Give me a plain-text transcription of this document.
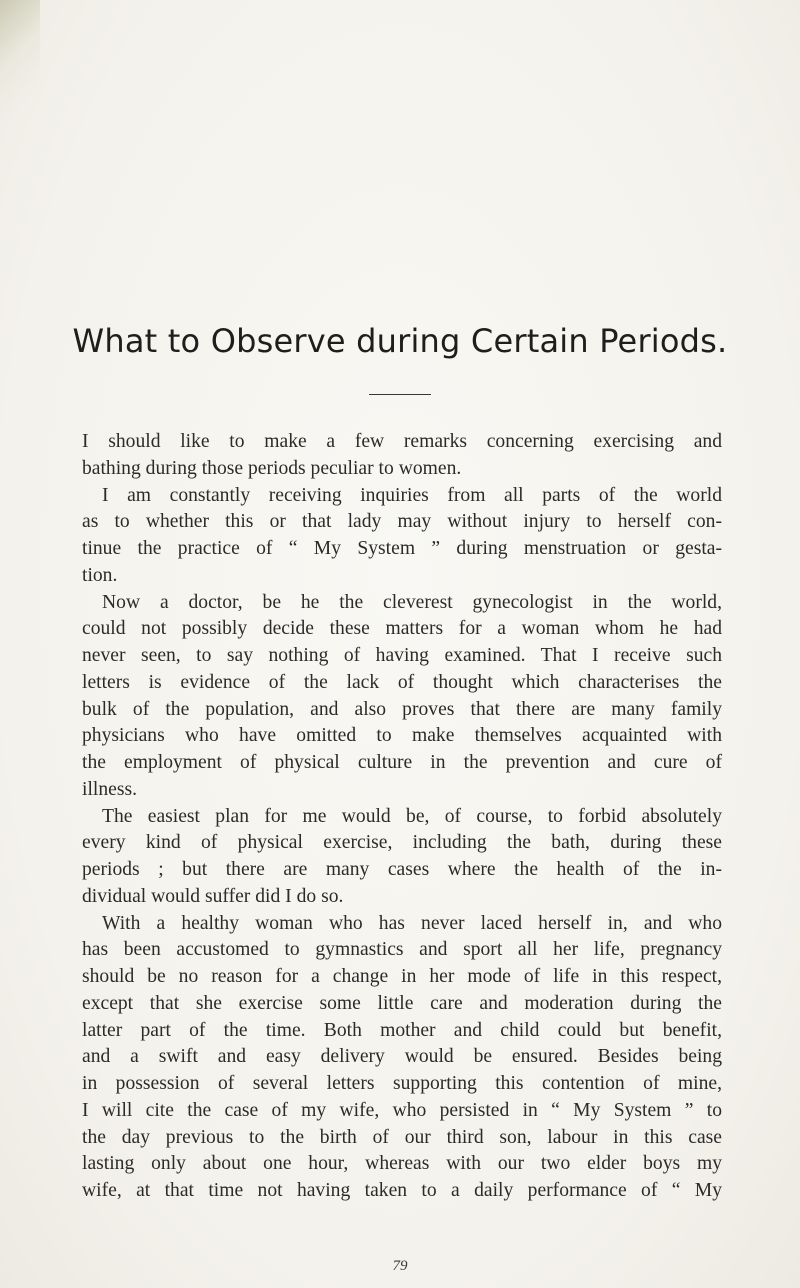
What to Observe during Certain Periods.
I should like to make a few remarks concerning exercising and
bathing during those periods peculiar to women.
I am constantly receiving inquiries from all parts of the world
as to whether this or that lady may without injury to herself con-
tinue the practice of “ My System ” during menstruation or gesta-
tion.
Now a doctor, be he the cleverest gynecologist in the world,
could not possibly decide these matters for a woman whom he had
never seen, to say nothing of having examined. That I receive such
letters is evidence of the lack of thought which characterises the
bulk of the population, and also proves that there are many family
physicians who have omitted to make themselves acquainted with
the employment of physical culture in the prevention and cure of
illness.
The easiest plan for me would be, of course, to forbid absolutely
every kind of physical exercise, including the bath, during these
periods ; but there are many cases where the health of the in-
dividual would suffer did I do so.
With a healthy woman who has never laced herself in, and who
has been accustomed to gymnastics and sport all her life, pregnancy
should be no reason for a change in her mode of life in this respect,
except that she exercise some little care and moderation during the
latter part of the time. Both mother and child could but benefit,
and a swift and easy delivery would be ensured. Besides being
in possession of several letters supporting this contention of mine,
I will cite the case of my wife, who persisted in “ My System ” to
the day previous to the birth of our third son, labour in this case
lasting only about one hour, whereas with our two elder boys my
wife, at that time not having taken to a daily performance of “ My
79
